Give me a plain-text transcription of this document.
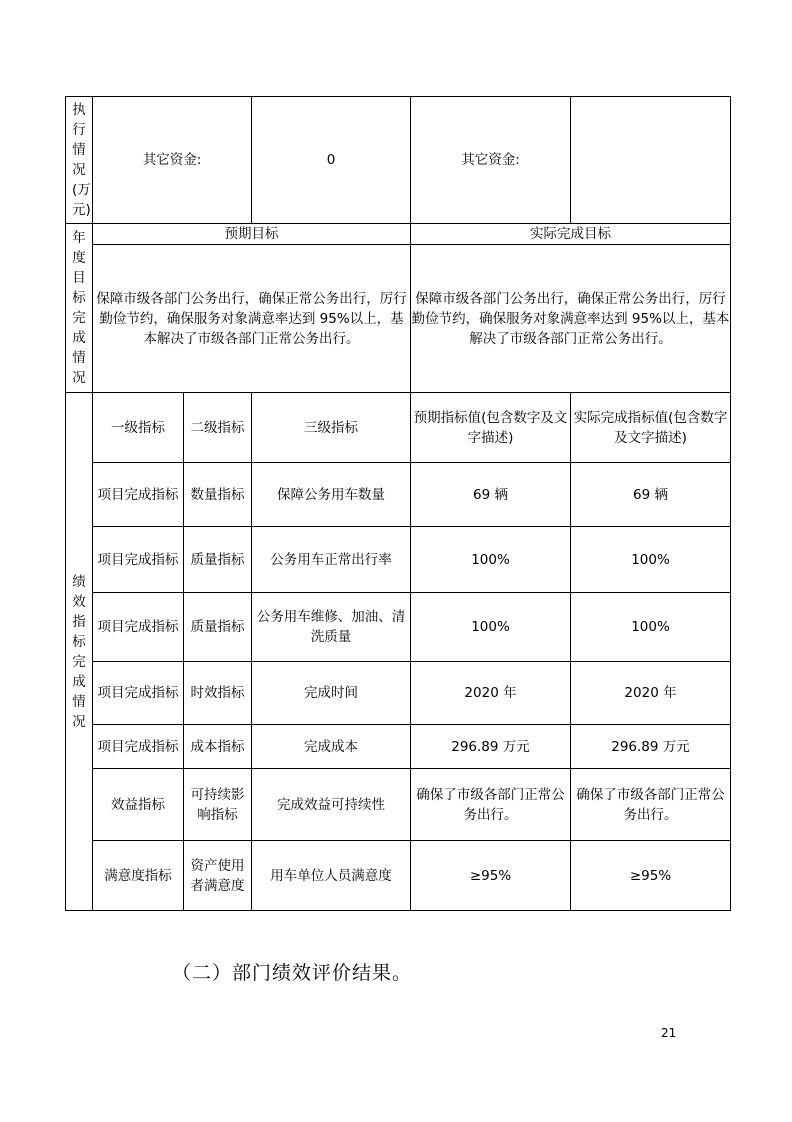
执行情况(万元)	其它资金:		0	其它资金:	

年度目标完成情况	预期目标			实际完成目标	
	保障市级各部门公务出行，确保正常公务出行，厉行勤俭节约，确保服务对象满意率达到 95%以上，基本解决了市级各部门正常公务出行。			保障市级各部门公务出行，确保正常公务出行，厉行勤俭节约，确保服务对象满意率达到 95%以上，基本解决了市级各部门正常公务出行。	

绩效指标完成情况	一级指标	二级指标	三级指标	预期指标值(包含数字及文字描述)	实际完成指标值(包含数字及文字描述)
	项目完成指标	数量指标	保障公务用车数量	69 辆	69 辆
	项目完成指标	质量指标	公务用车正常出行率	100%	100%
	项目完成指标	质量指标	公务用车维修、加油、清洗质量	100%	100%
	项目完成指标	时效指标	完成时间	2020 年	2020 年
	项目完成指标	成本指标	完成成本	296.89 万元	296.89 万元
	效益指标	可持续影响指标	完成效益可持续性	确保了市级各部门正常公务出行。	确保了市级各部门正常公务出行。
	满意度指标	资产使用者满意度	用车单位人员满意度	≥95%	≥95%
（二）部门绩效评价结果。
21
